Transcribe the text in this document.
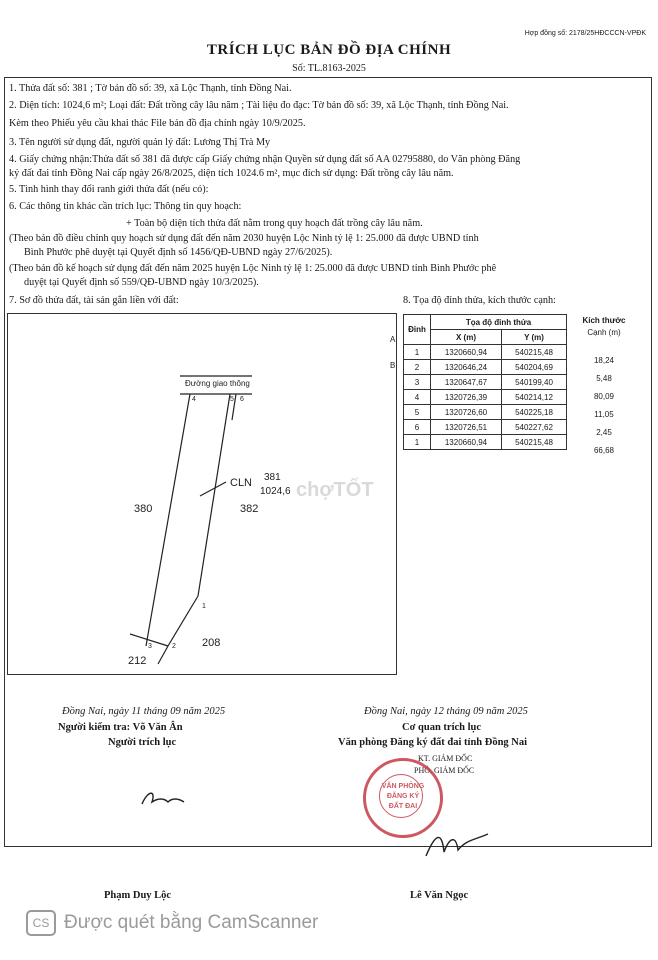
Hợp đồng số: 2178/25HĐCCCN-VPĐK
TRÍCH LỤC BẢN ĐỒ ĐỊA CHÍNH
Số: TL.8163-2025
1. Thửa đất số: 381 ; Tờ bản đồ số: 39, xã Lộc Thạnh, tỉnh Đồng Nai.
2. Diện tích: 1024,6 m²; Loại đất: Đất trồng cây lâu năm ; Tài liệu đo đạc: Tờ bản đồ số: 39, xã Lộc Thạnh, tỉnh Đồng Nai.
Kèm theo Phiếu yêu cầu khai thác File bản đồ địa chính ngày 10/9/2025.
3. Tên người sử dụng đất, người quản lý đất: Lương Thị Trà My
4. Giấy chứng nhận:Thửa đất số 381 đã được cấp Giấy chứng nhận Quyền sử dụng đất số AA 02795880, do Văn phòng Đăng
ký đất đai tỉnh Đồng Nai cấp ngày 26/8/2025, diện tích 1024.6 m², mục đích sử dụng: Đất trồng cây lâu năm.
5. Tình hình thay đổi ranh giới thửa đất (nếu có):
6. Các thông tin khác cần trích lục: Thông tin quy hoạch:
+ Toàn bộ diện tích thửa đất nằm trong quy hoạch đất trồng cây lâu năm.
(Theo bản đồ điều chỉnh quy hoạch sử dụng đất đến năm 2030 huyện Lộc Ninh tỷ lệ 1: 25.000 đã được UBND tỉnh
Bình Phước phê duyệt tại Quyết định số 1456/QĐ-UBND ngày 27/6/2025).
(Theo bản đồ kế hoạch sử dụng đất đến năm 2025 huyện Lộc Ninh tỷ lệ 1: 25.000 đã được UBND tỉnh Bình Phước phê
duyệt tại Quyết định số 559/QĐ-UBND ngày 10/3/2025).
7. Sơ đồ thửa đất, tài sản gắn liền với đất:	8. Tọa độ đỉnh thửa, kích thước cạnh:
Đường giao thông
4	5 6
CLN 381
1024,6
380	382
208
212
1
2
3
A
B
chợTỐT
Đỉnh	Tọa độ đỉnh thửa	
	X (m)	Y (m)
1	1320660,94	540215,48
2	1320646,24	540204,69
3	1320647,67	540199,40
4	1320726,39	540214,12
5	1320726,60	540225,18
6	1320726,51	540227,62
1	1320660,94	540215,48
Kích thước
Cạnh (m)
18,24
5,48
80,09
11,05
2,45
66,68
Đồng Nai, ngày 11 tháng 09 năm 2025
Người kiểm tra: Võ Văn Ân
Người trích lục
Phạm Duy Lộc
Đồng Nai, ngày 12 tháng 09 năm 2025
Cơ quan trích lục
Văn phòng Đăng ký đất đai tỉnh Đồng Nai
KT. GIÁM ĐỐC
PHÓ. GIÁM ĐỐC
VĂN PHÒNG
ĐĂNG KÝ
ĐẤT ĐAI
Lê Văn Ngọc
CS Được quét bằng CamScanner
